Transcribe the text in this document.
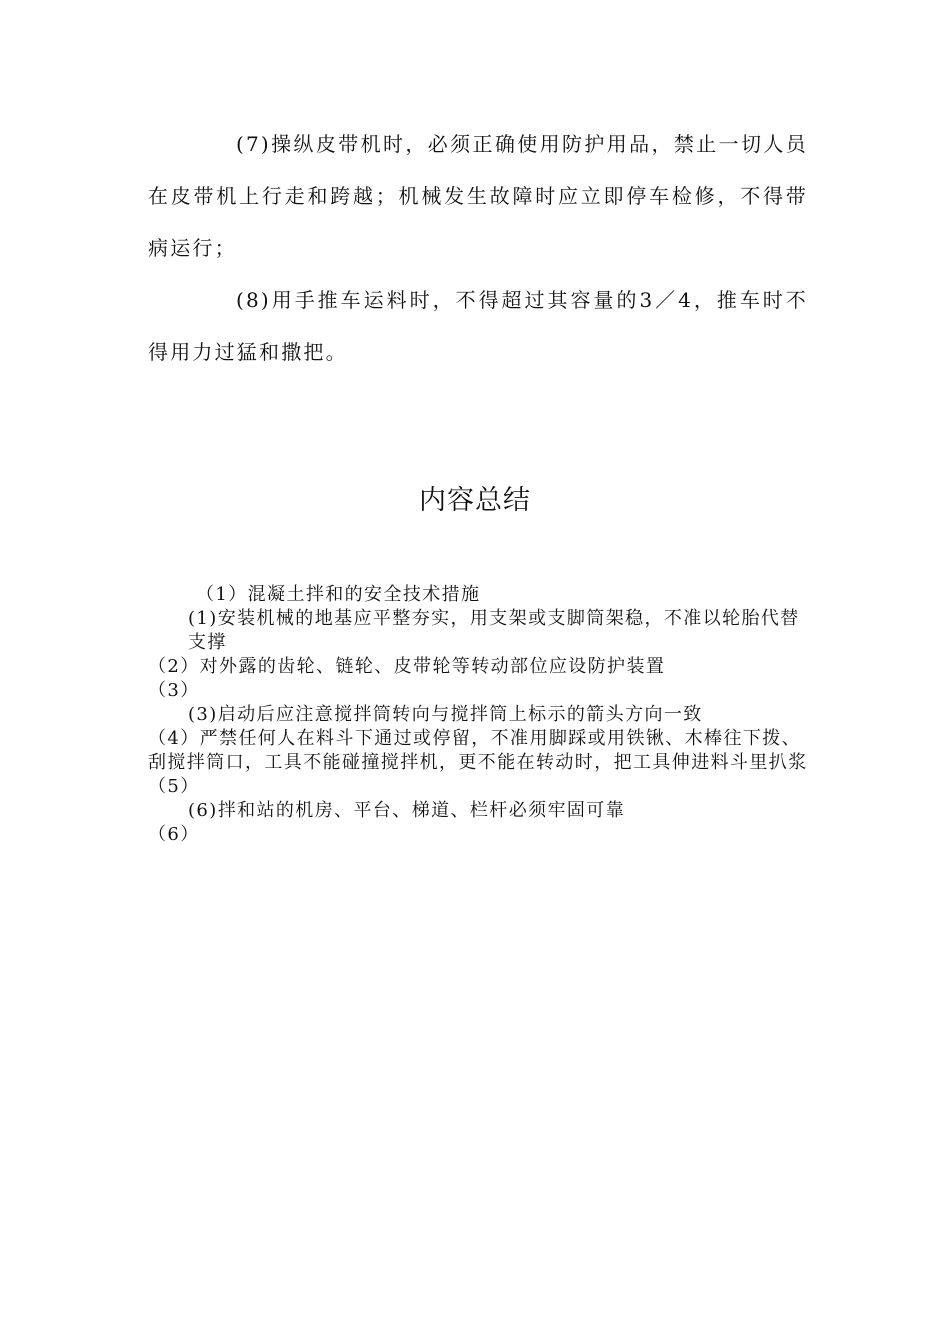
(7)操纵皮带机时，必须正确使用防护用品，禁止一切人员在皮带机上行走和跨越；机械发生故障时应立即停车检修，不得带病运行；

(8)用手推车运料时，不得超过其容量的3／4，推车时不得用力过猛和撒把。

内容总结
（1）混凝土拌和的安全技术措施
(1)安装机械的地基应平整夯实，用支架或支脚筒架稳，不准以轮胎代替支撑
（2）对外露的齿轮、链轮、皮带轮等转动部位应设防护装置
（3）
(3)启动后应注意搅拌筒转向与搅拌筒上标示的箭头方向一致
（4）严禁任何人在料斗下通过或停留，不准用脚踩或用铁锹、木棒往下拨、刮搅拌筒口，工具不能碰撞搅拌机，更不能在转动时，把工具伸进料斗里扒浆
（5）
(6)拌和站的机房、平台、梯道、栏杆必须牢固可靠
（6）
